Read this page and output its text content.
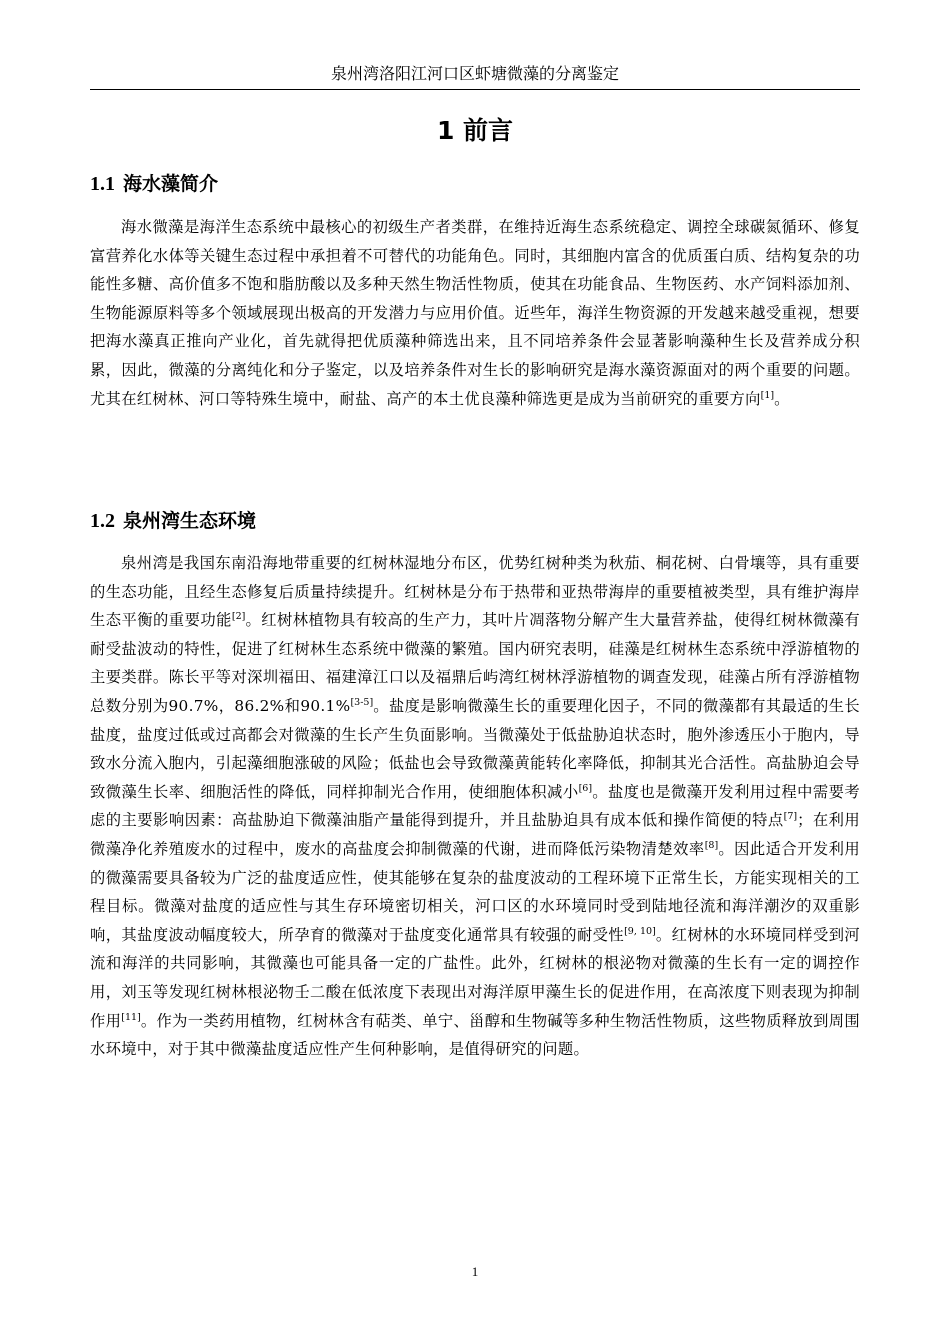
泉州湾洛阳江河口区虾塘微藻的分离鉴定
1 前言
1.1 海水藻简介

海水微藻是海洋生态系统中最核心的初级生产者类群，在维持近海生态系统稳定、调控全球碳氮循环、修复富营养化水体等关键生态过程中承担着不可替代的功能角色。同时，其细胞内富含的优质蛋白质、结构复杂的功能性多糖、高价值多不饱和脂肪酸以及多种天然生物活性物质，使其在功能食品、生物医药、水产饲料添加剂、生物能源原料等多个领域展现出极高的开发潜力与应用价值。近些年，海洋生物资源的开发越来越受重视，想要把海水藻真正推向产业化，首先就得把优质藻种筛选出来，且不同培养条件会显著影响藻种生长及营养成分积累，因此，微藻的分离纯化和分子鉴定，以及培养条件对生长的影响研究是海水藻资源面对的两个重要的问题。尤其在红树林、河口等特殊生境中，耐盐、高产的本土优良藻种筛选更是成为当前研究的重要方向[1]。

1.2 泉州湾生态环境

泉州湾是我国东南沿海地带重要的红树林湿地分布区，优势红树种类为秋茄、桐花树、白骨壤等，具有重要的生态功能，且经生态修复后质量持续提升。红树林是分布于热带和亚热带海岸的重要植被类型，具有维护海岸生态平衡的重要功能[2]。红树林植物具有较高的生产力，其叶片凋落物分解产生大量营养盐，使得红树林微藻有耐受盐波动的特性，促进了红树林生态系统中微藻的繁殖。国内研究表明，硅藻是红树林生态系统中浮游植物的主要类群。陈长平等对深圳福田、福建漳江口以及福鼎后屿湾红树林浮游植物的调查发现，硅藻占所有浮游植物总数分别为90.7%，86.2%和90.1%[3-5]。盐度是影响微藻生长的重要理化因子，不同的微藻都有其最适的生长盐度，盐度过低或过高都会对微藻的生长产生负面影响。当微藻处于低盐胁迫状态时，胞外渗透压小于胞内，导致水分流入胞内，引起藻细胞涨破的风险；低盐也会导致微藻黄能转化率降低，抑制其光合活性。高盐胁迫会导致微藻生长率、细胞活性的降低，同样抑制光合作用，使细胞体积减小[6]。盐度也是微藻开发利用过程中需要考虑的主要影响因素：高盐胁迫下微藻油脂产量能得到提升，并且盐胁迫具有成本低和操作简便的特点[7]；在利用微藻净化养殖废水的过程中，废水的高盐度会抑制微藻的代谢，进而降低污染物清楚效率[8]。因此适合开发利用的微藻需要具备较为广泛的盐度适应性，使其能够在复杂的盐度波动的工程环境下正常生长，方能实现相关的工程目标。微藻对盐度的适应性与其生存环境密切相关，河口区的水环境同时受到陆地径流和海洋潮汐的双重影响，其盐度波动幅度较大，所孕育的微藻对于盐度变化通常具有较强的耐受性[9, 10]。红树林的水环境同样受到河流和海洋的共同影响，其微藻也可能具备一定的广盐性。此外，红树林的根泌物对微藻的生长有一定的调控作用，刘玉等发现红树林根泌物壬二酸在低浓度下表现出对海洋原甲藻生长的促进作用，在高浓度下则表现为抑制作用[11]。作为一类药用植物，红树林含有萜类、单宁、甾醇和生物碱等多种生物活性物质，这些物质释放到周围水环境中，对于其中微藻盐度适应性产生何种影响，是值得研究的问题。

1
